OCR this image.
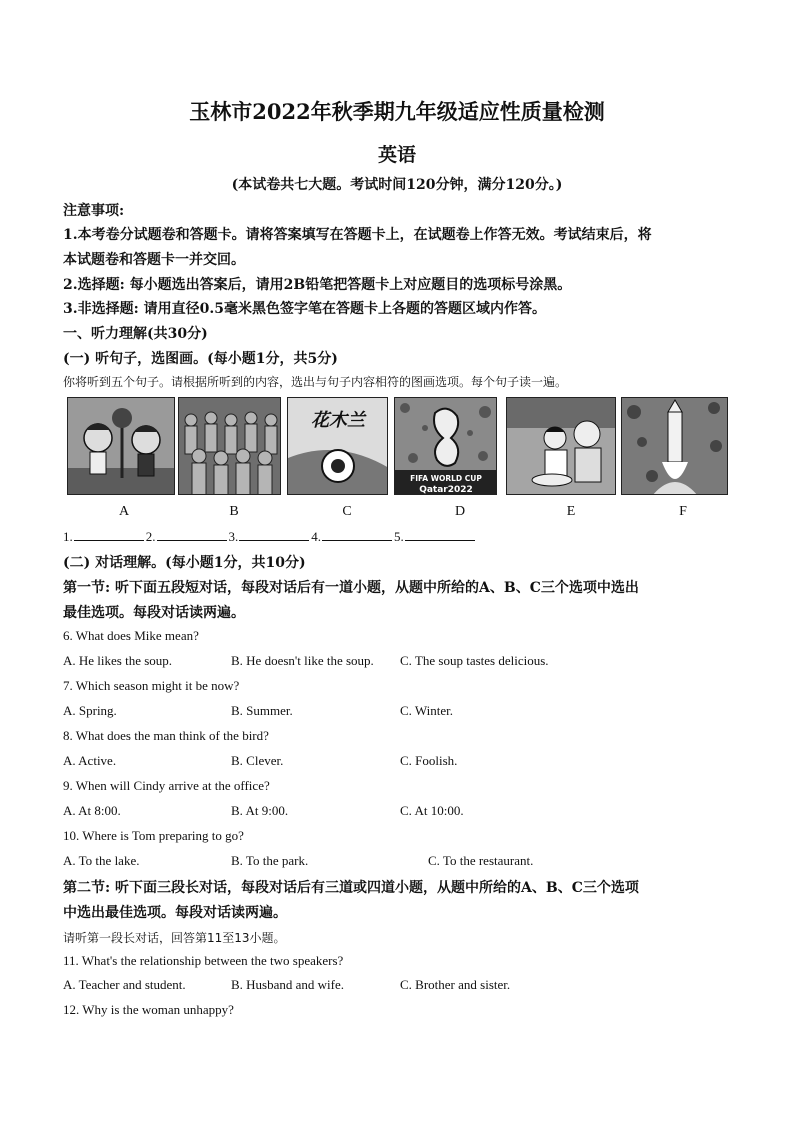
玉林市2022年秋季期九年级适应性质量检测
英语
(本试卷共七大题。考试时间120分钟，满分120分。)
注意事项:
1.本考卷分试题卷和答题卡。请将答案填写在答题卡上，在试题卷上作答无效。考试结束后，将
本试题卷和答题卡一并交回。
2.选择题: 每小题选出答案后，请用2B铅笔把答题卡上对应题目的选项标号涂黑。
3.非选择题: 请用直径0.5毫米黑色签字笔在答题卡上各题的答题区域内作答。
一、听力理解(共30分)
(一) 听句子，选图画。(每小题1分，共5分)
你将听到五个句子。请根据所听到的内容，选出与句子内容相符的图画选项。每个句子读一遍。
花木兰
FIFA WORLD CUP
Qatar2022
A	B	C	D	E	F
1.	2.	3.	4.	5.
(二) 对话理解。(每小题1分，共10分)
第一节: 听下面五段短对话，每段对话后有一道小题，从题中所给的A、B、C三个选项中选出
最佳选项。每段对话读两遍。
6. What does Mike mean?
A. He likes the soup.	B. He doesn't like the soup. C. The soup tastes delicious.
7. Which season might it be now?
A. Spring.	B. Summer.	C. Winter.
8. What does the man think of the bird?
A. Active.	B. Clever.	C. Foolish.
9. When will Cindy arrive at the office?
A. At 8:00.	B. At 9:00.	C. At 10:00.
10. Where is Tom preparing to go?
A. To the lake.	B. To the park.	C. To the restaurant.
第二节: 听下面三段长对话，每段对话后有三道或四道小题，从题中所给的A、B、C三个选项
中选出最佳选项。每段对话读两遍。
请听第一段长对话，回答第11至13小题。
11. What's the relationship between the two speakers?
A. Teacher and student.	B. Husband and wife.	C. Brother and sister.
12. Why is the woman unhappy?
